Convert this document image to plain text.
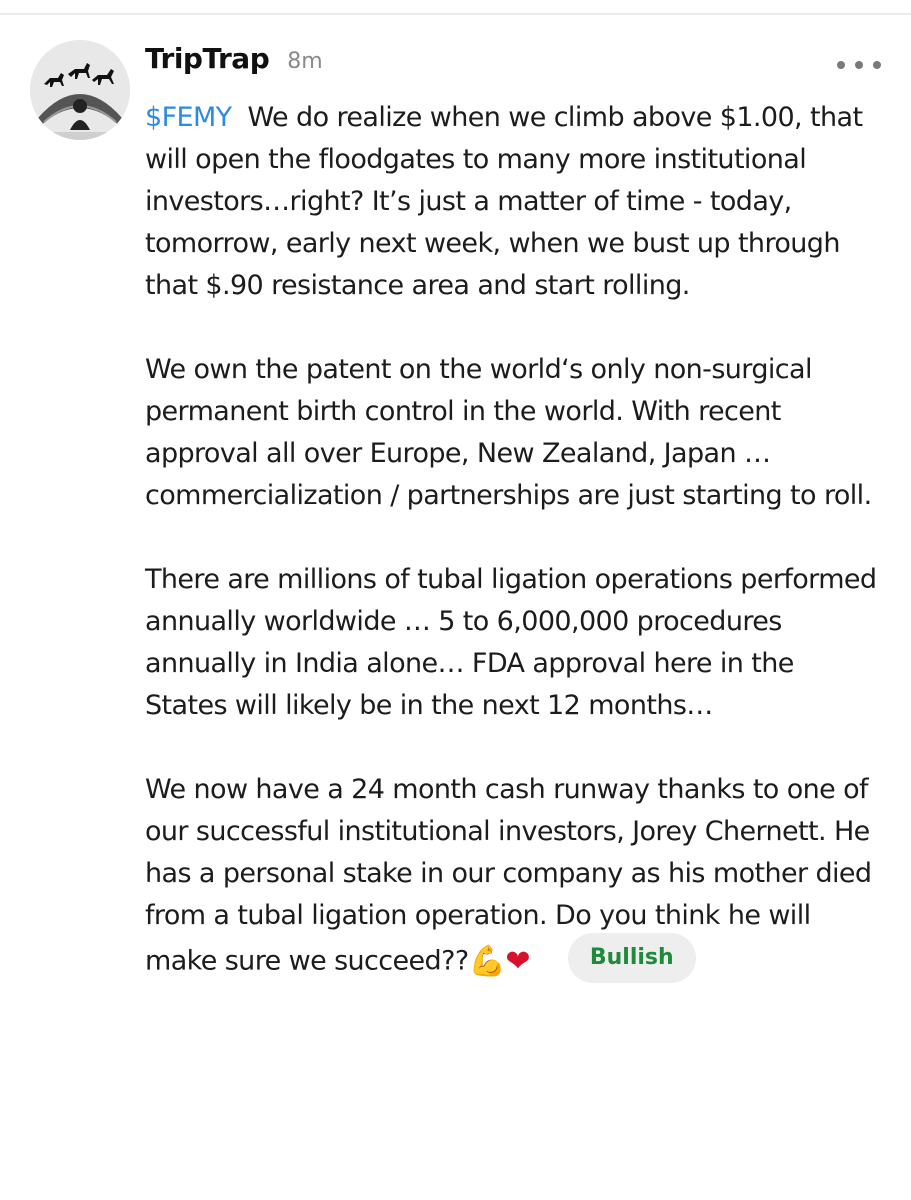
TripTrap 8m

$FEMY We do realize when we climb above $1.00, that will open the floodgates to many more institutional investors…right? It’s just a matter of time - today, tomorrow, early next week, when we bust up through that $.90 resistance area and start rolling.

We own the patent on the world‘s only non-surgical permanent birth control in the world. With recent approval all over Europe, New Zealand, Japan …commercialization / partnerships are just starting to roll.

There are millions of tubal ligation operations performed annually worldwide … 5 to 6,000,000 procedures annually in India alone… FDA approval here in the States will likely be in the next 12 months…

We now have a 24 month cash runway thanks to one of our successful institutional investors, Jorey Chernett. He has a personal stake in our company as his mother died from a tubal ligation operation. Do you think he will make sure we succeed??💪❤	Bullish
